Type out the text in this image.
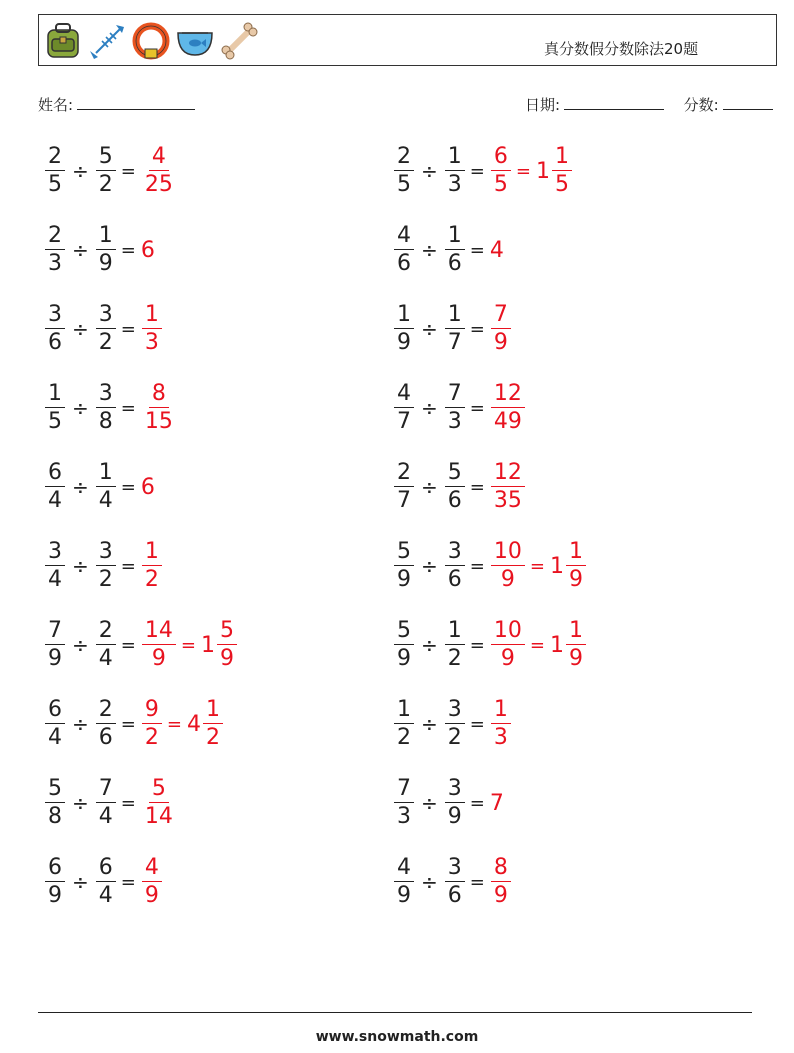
真分数假分数除法20题
姓名:	日期:	分数:
$\frac{2}{5} \div \frac{5}{2} = \frac{4}{25}$	$\frac{2}{5} \div \frac{1}{3} = \frac{6}{5} = 1 \frac{1}{5}$
$\frac{2}{3} \div \frac{1}{9} = 6$	$\frac{4}{6} \div \frac{1}{6} = 4$
$\frac{3}{6} \div \frac{3}{2} = \frac{1}{3}$	$\frac{1}{9} \div \frac{1}{7} = \frac{7}{9}$
$\frac{1}{5} \div \frac{3}{8} = \frac{8}{15}$	$\frac{4}{7} \div \frac{7}{3} = \frac{12}{49}$
$\frac{6}{4} \div \frac{1}{4} = 6$	$\frac{2}{7} \div \frac{5}{6} = \frac{12}{35}$
$\frac{3}{4} \div \frac{3}{2} = \frac{1}{2}$	$\frac{5}{9} \div \frac{3}{6} = \frac{10}{9} = 1 \frac{1}{9}$
$\frac{7}{9} \div \frac{2}{4} = \frac{14}{9} = 1 \frac{5}{9}$	$\frac{5}{9} \div \frac{1}{2} = \frac{10}{9} = 1 \frac{1}{9}$
$\frac{6}{4} \div \frac{2}{6} = \frac{9}{2} = 4 \frac{1}{2}$	$\frac{1}{2} \div \frac{3}{2} = \frac{1}{3}$
$\frac{5}{8} \div \frac{7}{4} = \frac{5}{14}$	$\frac{7}{3} \div \frac{3}{9} = 7$
$\frac{6}{9} \div \frac{6}{4} = \frac{4}{9}$	$\frac{4}{9} \div \frac{3}{6} = \frac{8}{9}$
www.snowmath.com
